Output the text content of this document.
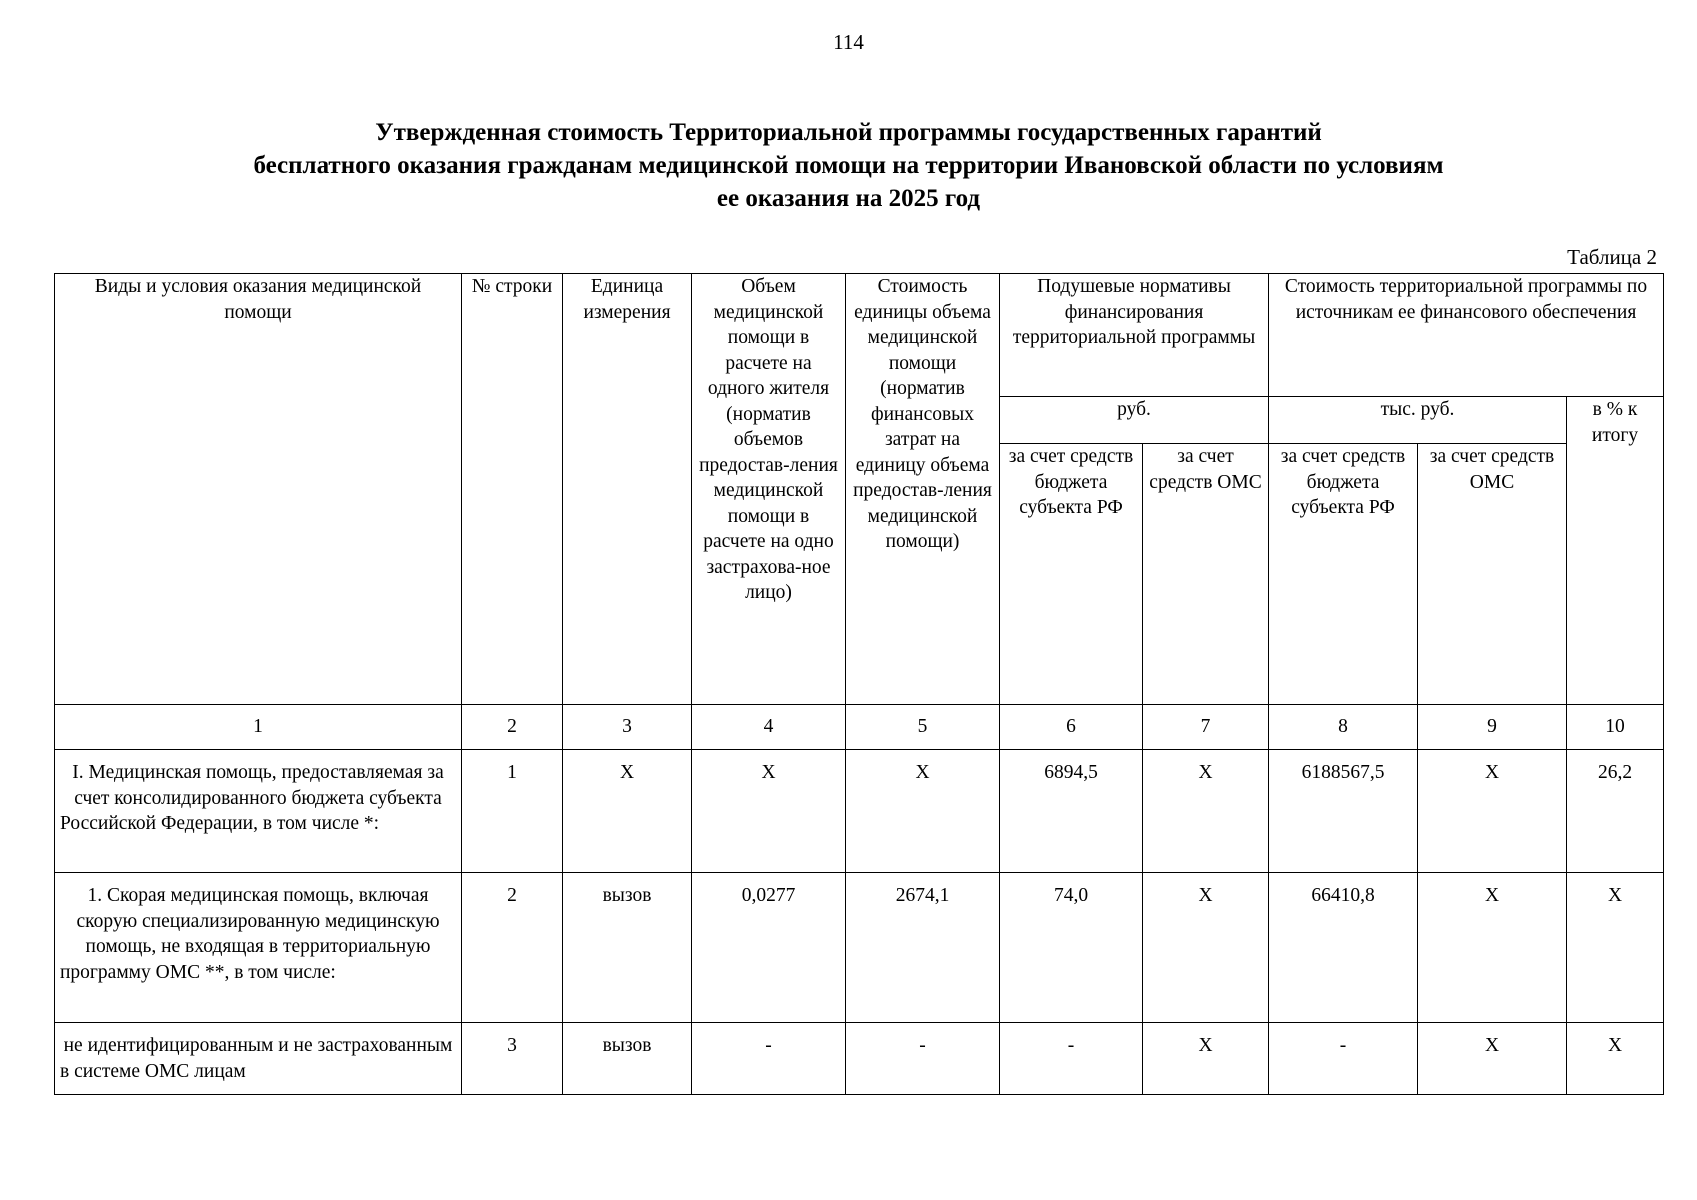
114
Утвержденная стоимость Территориальной программы государственных гарантий
бесплатного оказания гражданам медицинской помощи на территории Ивановской области по условиям
ее оказания на 2025 год
Таблица 2
Виды и условия оказания медицинской помощи	№ строки	Единица измерения	Объем медицинской помощи в расчете на одного жителя (норматив объемов предостав-ления медицинской помощи в расчете на одно застрахова-ное лицо)	Стоимость единицы объема медицинской помощи (норматив финансовых затрат на единицу объема предостав-ления медицинской помощи)	Подушевые нормативы финансирования территориальной программы		Стоимость территориальной программы по источникам ее финансового обеспечения		
					руб.		тыс. руб.		в % к итогу
					за счет средств бюджета субъекта РФ	за счет средств ОМС	за счет средств бюджета субъекта РФ	за счет средств ОМС	
1	2	3	4	5	6	7	8	9	10
I. Медицинская помощь, предоставляемая за счет консолидированного бюджета субъекта Российской Федерации, в том числе *:	1	X	X	X	6894,5	X	6188567,5	X	26,2
1. Скорая медицинская помощь, включая скорую специализированную медицинскую помощь, не входящая в территориальную программу ОМС **, в том числе:	2	вызов	0,0277	2674,1	74,0	X	66410,8	X	X
не идентифицированным и не застрахованным в системе ОМС лицам	3	вызов	-	-	-	X	-	X	X
